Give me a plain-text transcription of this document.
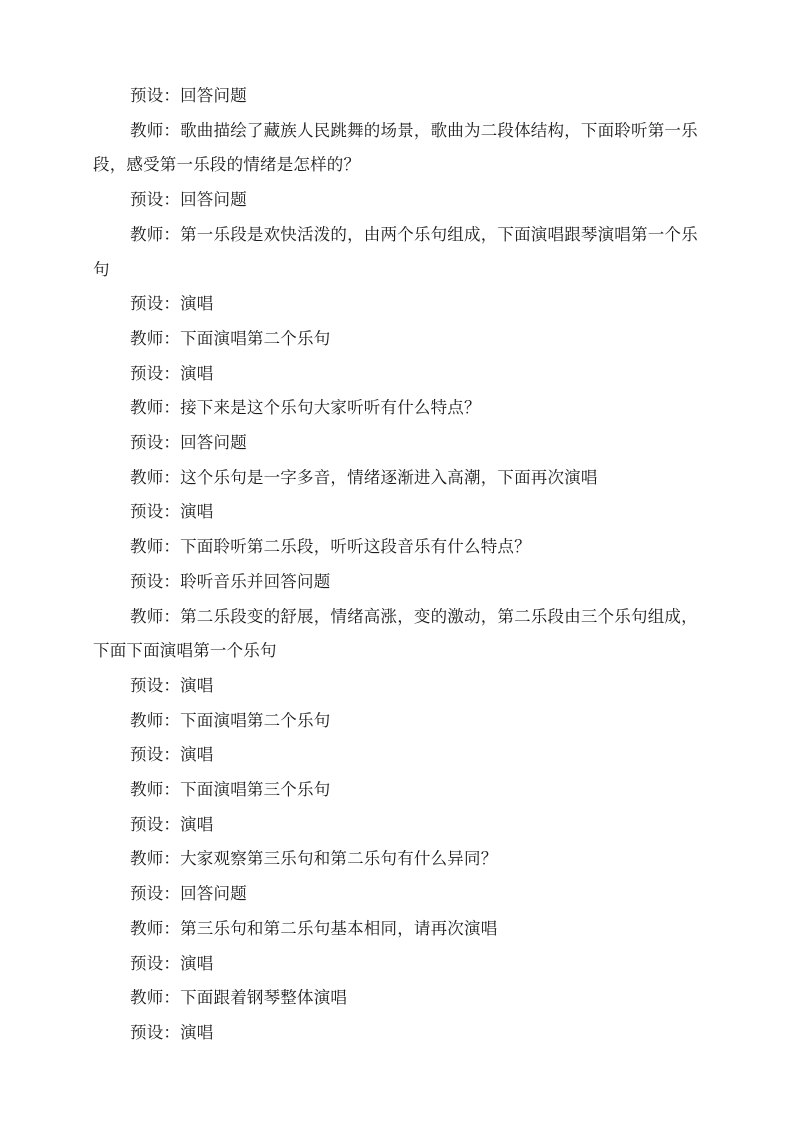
预设：回答问题

教师：歌曲描绘了藏族人民跳舞的场景，歌曲为二段体结构，下面聆听第一乐段，感受第一乐段的情绪是怎样的？

预设：回答问题

教师：第一乐段是欢快活泼的，由两个乐句组成，下面演唱跟琴演唱第一个乐句

预设：演唱

教师：下面演唱第二个乐句

预设：演唱

教师：接下来是这个乐句大家听听有什么特点？

预设：回答问题

教师：这个乐句是一字多音，情绪逐渐进入高潮，下面再次演唱

预设：演唱

教师：下面聆听第二乐段，听听这段音乐有什么特点？

预设：聆听音乐并回答问题

教师：第二乐段变的舒展，情绪高涨，变的激动，第二乐段由三个乐句组成，下面下面演唱第一个乐句

预设：演唱

教师：下面演唱第二个乐句

预设：演唱

教师：下面演唱第三个乐句

预设：演唱

教师：大家观察第三乐句和第二乐句有什么异同？

预设：回答问题

教师：第三乐句和第二乐句基本相同，请再次演唱

预设：演唱

教师：下面跟着钢琴整体演唱

预设：演唱
